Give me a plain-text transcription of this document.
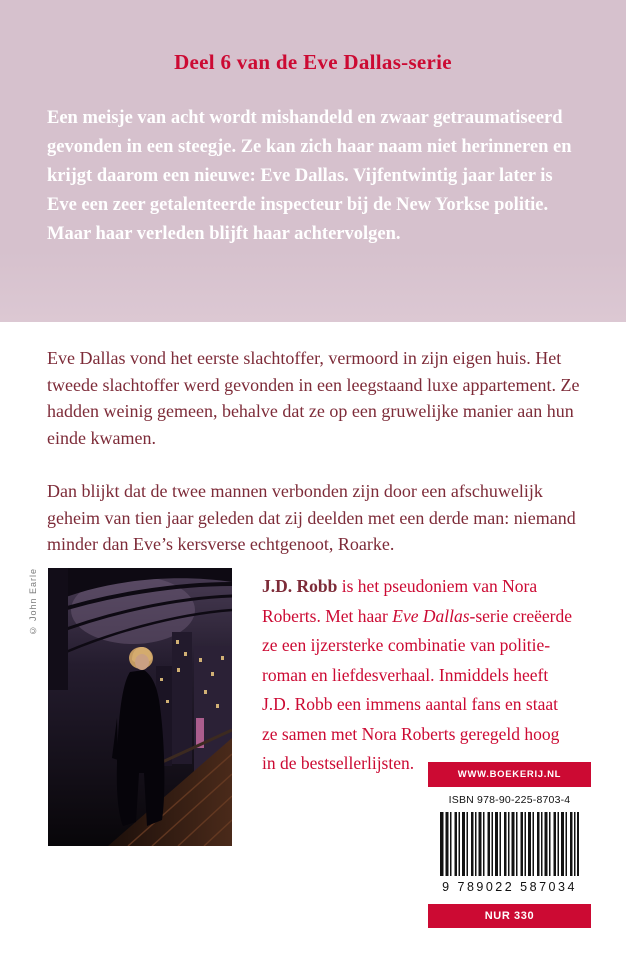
Deel 6 van de Eve Dallas-serie

Een meisje van acht wordt mishandeld en zwaar getraumatiseerd gevonden in een steegje. Ze kan zich haar naam niet herinneren en krijgt daarom een nieuwe: Eve Dallas. Vijfentwintig jaar later is Eve een zeer getalenteerde inspecteur bij de New Yorkse politie. Maar haar verleden blijft haar achtervolgen.

Eve Dallas vond het eerste slachtoffer, vermoord in zijn eigen huis. Het tweede slachtoffer werd gevonden in een leegstaand luxe appartement. Ze hadden weinig gemeen, behalve dat ze op een gruwelijke manier aan hun einde kwamen.

Dan blijkt dat de twee mannen verbonden zijn door een afschuwelijk geheim van tien jaar geleden dat zij deelden met een derde man: niemand minder dan Eve’s kersverse echtgenoot, Roarke.

© John Earle	J.D. Robb is het pseudoniem van Nora
Roberts. Met haar Eve Dallas-serie creëerde
ze een ijzersterke combinatie van politie-
roman en liefdesverhaal. Inmiddels heeft
J.D. Robb een immens aantal fans en staat
ze samen met Nora Roberts geregeld hoog
in de bestsellerlijsten.
WWW.BOEKERIJ.NL
ISBN 978-90-225-8703-4
9 789022 587034
NUR 330
